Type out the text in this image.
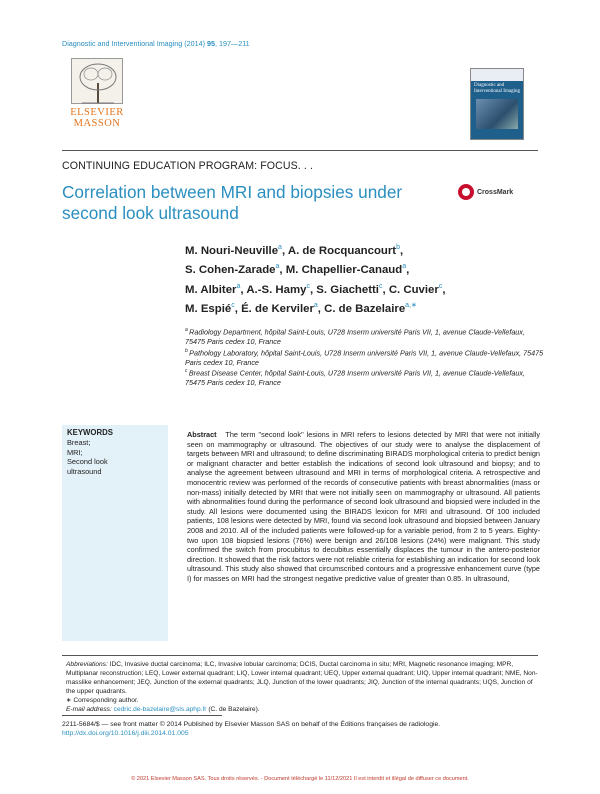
Diagnostic and Interventional Imaging (2014) 95, 197—211
ELSEVIER
MASSON
Diagnostic and Interventional Imaging
CONTINUING EDUCATION PROGRAM: FOCUS. . .
Correlation between MRI and biopsies under second look ultrasound
CrossMark
M. Nouri-Neuville$^a$, A. de Rocquancourt$^b$,
S. Cohen-Zarade$^a$, M. Chapellier-Canaud$^a$,
M. Albiter$^a$, A.-S. Hamy$^c$, S. Giachetti$^c$, C. Cuvier$^c$,
M. Espié$^c$, É. de Kerviler$^a$, C. de Bazelaire$^{a,∗}$
$^a$ Radiology Department, hôpital Saint-Louis, U728 Inserm université Paris VII, 1, avenue Claude-Vellefaux, 75475 Paris cedex 10, France
$^b$ Pathology Laboratory, hôpital Saint-Louis, U728 Inserm université Paris VII, 1, avenue Claude-Vellefaux, 75475 Paris cedex 10, France
$^c$ Breast Disease Center, hôpital Saint-Louis, U728 Inserm université Paris VII, 1, avenue Claude-Vellefaux, 75475 Paris cedex 10, France
KEYWORDS
Breast;
MRI;
Second look
ultrasound
Abstract The term ''second look'' lesions in MRI refers to lesions detected by MRI that were not initially seen on mammography or ultrasound. The objectives of our study were to analyse the displacement of targets between MRI and ultrasound; to define discriminating BIRADS morphological criteria to predict benign or malignant character and better establish the indications of second look ultrasound and biopsy; and to analyse the agreement between ultrasound and MRI in terms of morphological criteria. A retrospective and monocentric review was performed of the records of consecutive patients with breast abnormalities (mass or non-mass) initially detected by MRI that were not initially seen on mammography or ultrasound. All patients with abnormalities found during the performance of second look ultrasound and biopsied were included in the study. All lesions were documented using the BIRADS lexicon for MRI and ultrasound. Of 100 included patients, 108 lesions were detected by MRI, found via second look ultrasound and biopsied between January 2008 and 2010. All of the included patients were followed-up for a variable period, from 2 to 5 years. Eighty-two upon 108 biopsied lesions (76%) were benign and 26/108 lesions (24%) were malignant. This study confirmed the switch from procubitus to decubitus essentially displaces the tumour in the antero-posterior direction. It showed that the risk factors were not reliable criteria for establishing an indication for second look ultrasound. This study also showed that circumscribed contours and a progressive enhancement curve (type I) for masses on MRI had the strongest negative predictive value of greater than 0.85. In ultrasound,
Abbreviations: IDC, Invasive ductal carcinoma; ILC, Invasive lobular carcinoma; DCIS, Ductal carcinoma in situ; MRI, Magnetic resonance imaging; MPR, Multiplanar reconstruction; LEQ, Lower external quadrant; LIQ, Lower internal quadrant; UEQ, Upper external quadrant; UIQ, Upper internal quadrant; NME, Non-masslike enhancement; JEQ, Junction of the external quadrants; JLQ, Junction of the lower quadrants; JIQ, Junction of the internal quadrants; UQS, Junction of the upper quadrants.
∗ Corresponding author.
E-mail address: cedric.de-bazelaire@sls.aphp.fr (C. de Bazelaire).
2211-5684/$ — see front matter © 2014 Published by Elsevier Masson SAS on behalf of the Éditions françaises de radiologie.
http://dx.doi.org/10.1016/j.diii.2014.01.005
© 2021 Elsevier Masson SAS. Tous droits réservés. - Document téléchargé le 11/12/2021 Il est interdit et illégal de diffuser ce document.
